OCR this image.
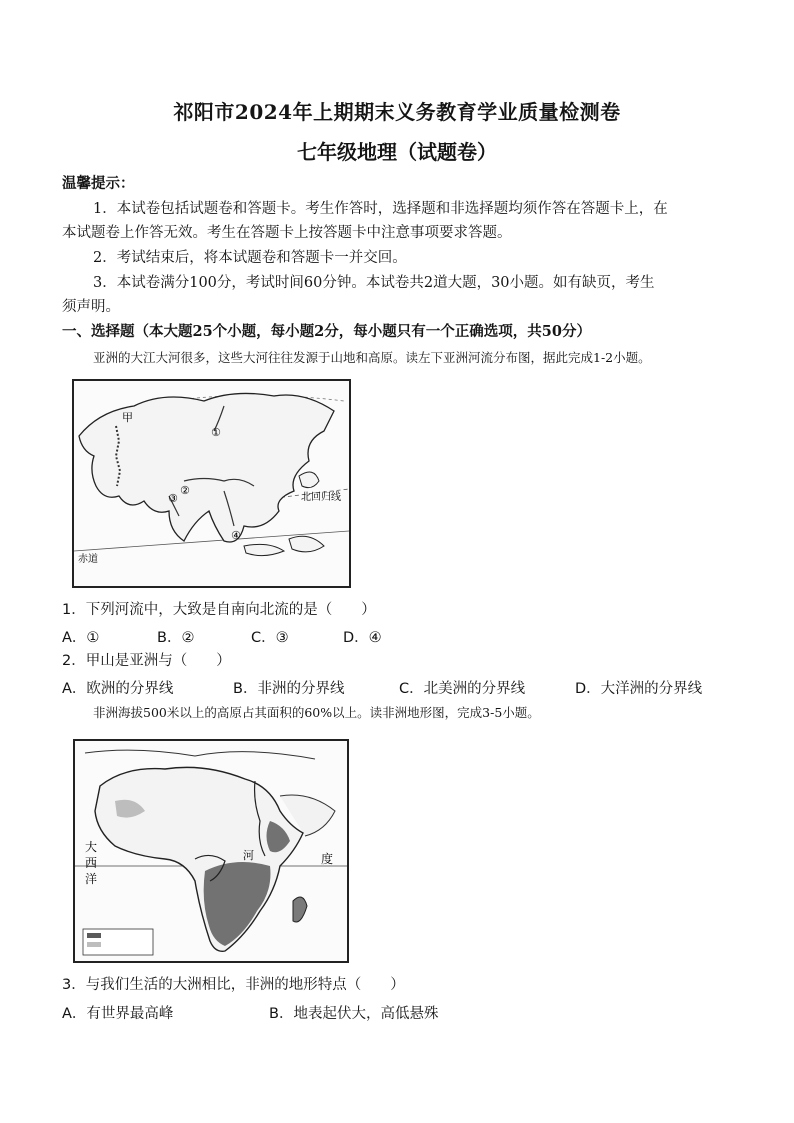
祁阳市2024年上期期末义务教育学业质量检测卷
七年级地理（试题卷）
温馨提示：
1．本试卷包括试题卷和答题卡。考生作答时，选择题和非选择题均须作答在答题卡上，在
本试题卷上作答无效。考生在答题卡上按答题卡中注意事项要求答题。
2．考试结束后，将本试题卷和答题卡一并交回。
3．本试卷满分100分，考试时间60分钟。本试卷共2道大题，30小题。如有缺页，考生
须声明。
一、选择题（本大题25个小题，每小题2分，每小题只有一个正确选项，共50分）
亚洲的大江大河很多，这些大河往往发源于山地和高原。读左下亚洲河流分布图，据此完成1-2小题。
甲
①
②
③
④
北回归线
赤道
1．下列河流中，大致是自南向北流的是（　　）
A．①	B．②	C．③	D．④
2．甲山是亚洲与（　　）
A．欧洲的分界线	B．非洲的分界线	C．北美洲的分界线	D．大洋洲的分界线
非洲海拔500米以上的高原占其面积的60%以上。读非洲地形图，完成3-5小题。
大
西
洋
度
河
3．与我们生活的大洲相比，非洲的地形特点（　　）
A．有世界最高峰	B．地表起伏大，高低悬殊
